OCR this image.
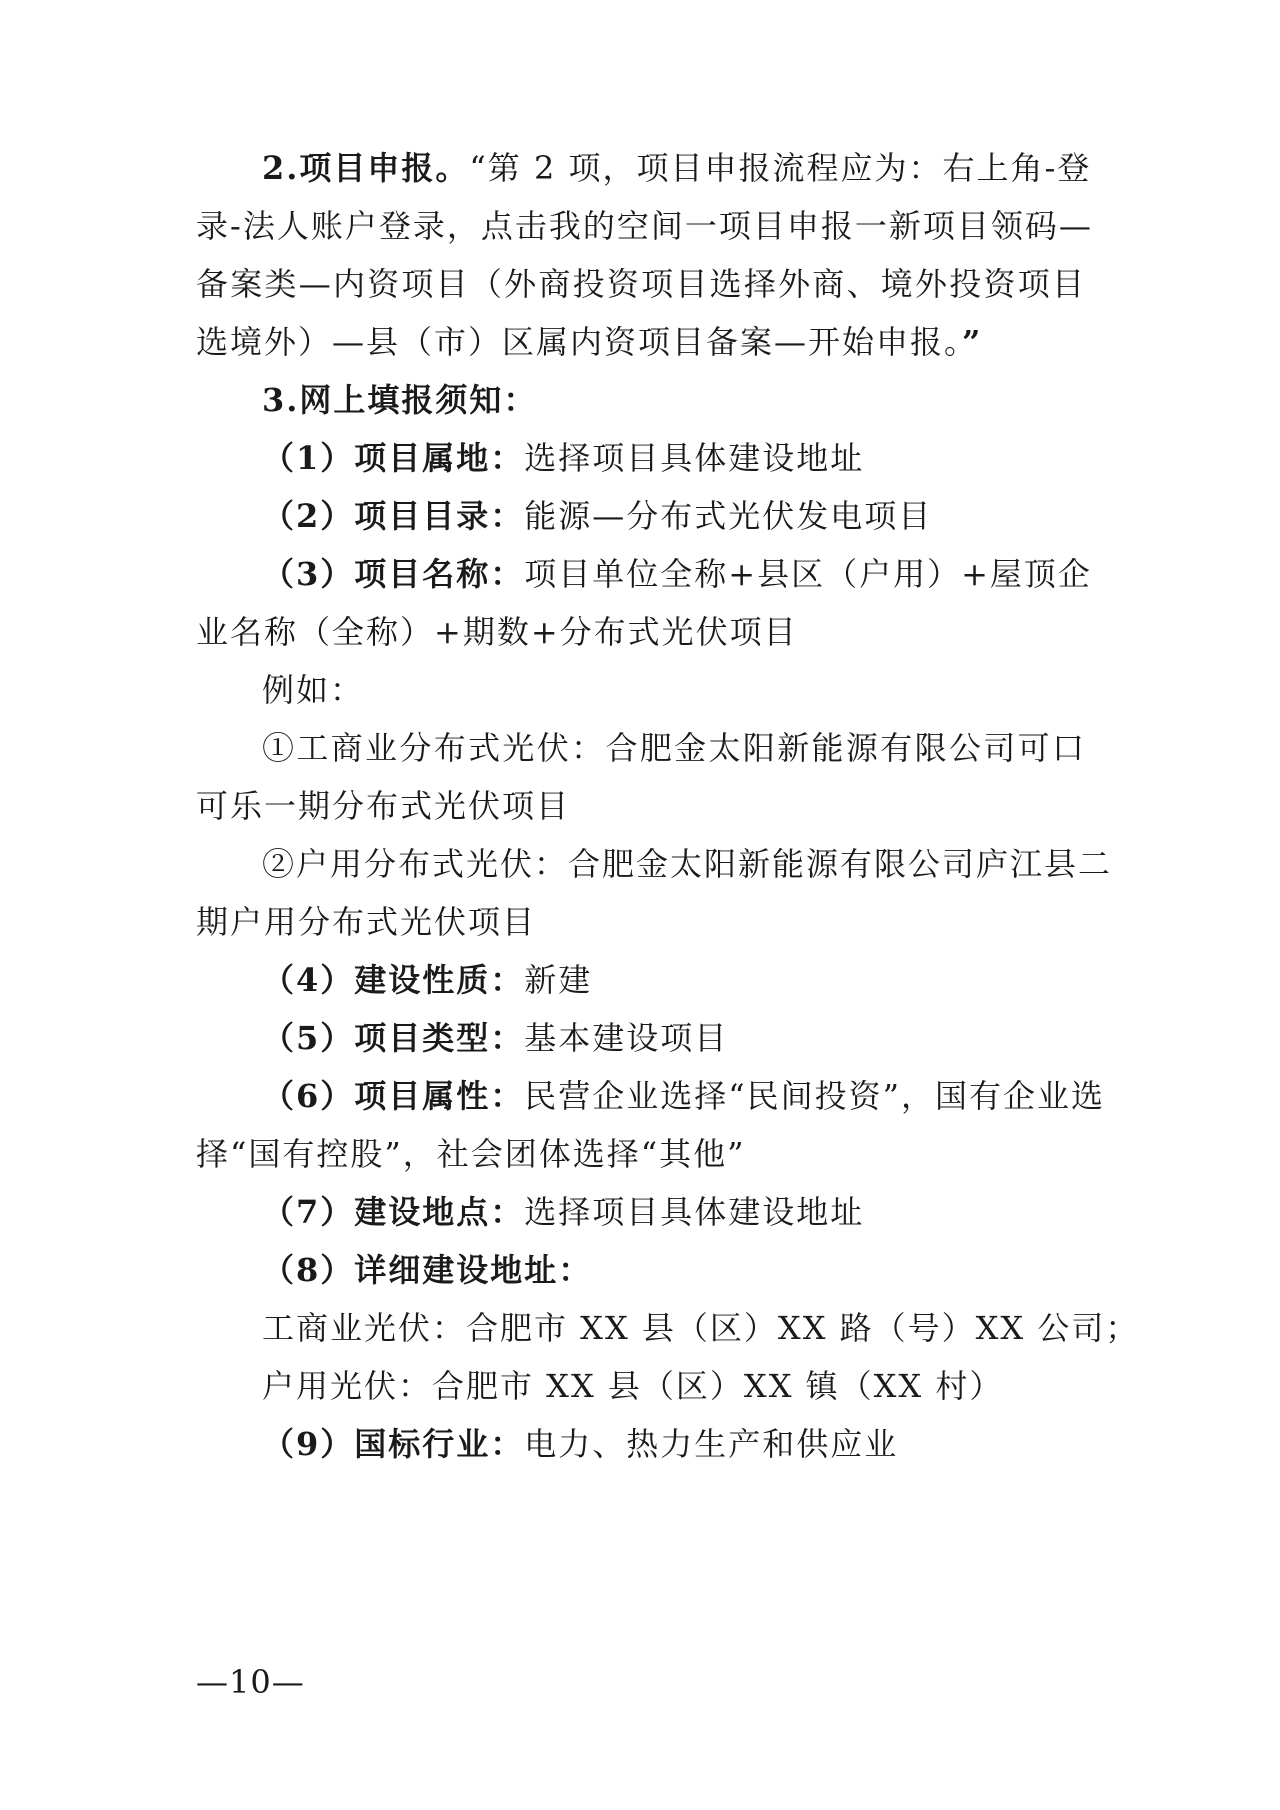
2.项目申报。“第 2 项，项目申报流程应为：右上角-登
录-法人账户登录，点击我的空间一项目申报一新项目领码—
备案类—内资项目（外商投资项目选择外商、境外投资项目
选境外）—县（市）区属内资项目备案—开始申报。”
3.网上填报须知：
（1）项目属地：选择项目具体建设地址
（2）项目目录：能源—分布式光伏发电项目
（3）项目名称：项目单位全称+县区（户用）+屋顶企
业名称（全称）+期数+分布式光伏项目
例如：
①工商业分布式光伏：合肥金太阳新能源有限公司可口
可乐一期分布式光伏项目
②户用分布式光伏：合肥金太阳新能源有限公司庐江县二
期户用分布式光伏项目
（4）建设性质：新建
（5）项目类型：基本建设项目
（6）项目属性：民营企业选择“民间投资”，国有企业选
择“国有控股”，社会团体选择“其他”
（7）建设地点：选择项目具体建设地址
（8）详细建设地址：
工商业光伏：合肥市 XX 县（区）XX 路（号）XX 公司；
户用光伏：合肥市 XX 县（区）XX 镇（XX 村）
（9）国标行业：电力、热力生产和供应业
—10—
